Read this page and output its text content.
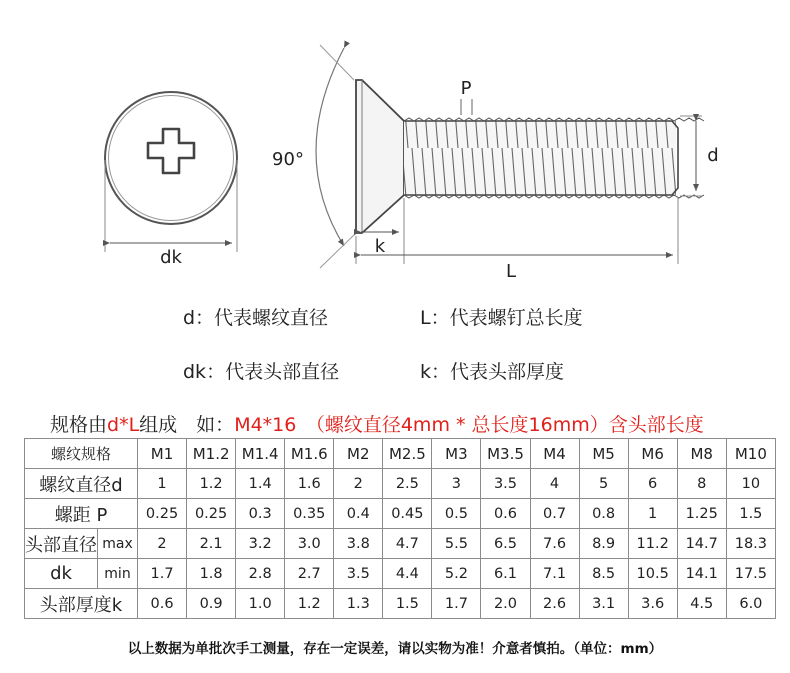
dk
90°
P
d
k
L
d：代表螺纹直径	L：代表螺钉总长度
dk：代表头部直径	k：代表头部厚度
规格由d*L组成　如：M4*16　（螺纹直径4mm * 总长度16mm）含头部长度
螺纹规格		M1	M1.2	M1.4	M1.6	M2	M2.5	M3	M3.5	M4	M5	M6	M8	M10
螺纹直径d		1	1.2	1.4	1.6	2	2.5	3	3.5	4	5	6	8	10
螺距 P		0.25	0.25	0.3	0.35	0.4	0.45	0.5	0.6	0.7	0.8	1	1.25	1.5
头部直径	max	2	2.1	3.2	3.0	3.8	4.7	5.5	6.5	7.6	8.9	11.2	14.7	18.3
dk	min	1.7	1.8	2.8	2.7	3.5	4.4	5.2	6.1	7.1	8.5	10.5	14.1	17.5
头部厚度k		0.6	0.9	1.0	1.2	1.3	1.5	1.7	2.0	2.6	3.1	3.6	4.5	6.0
以上数据为单批次手工测量，存在一定误差，请以实物为准！介意者慎拍。（单位：mm）
